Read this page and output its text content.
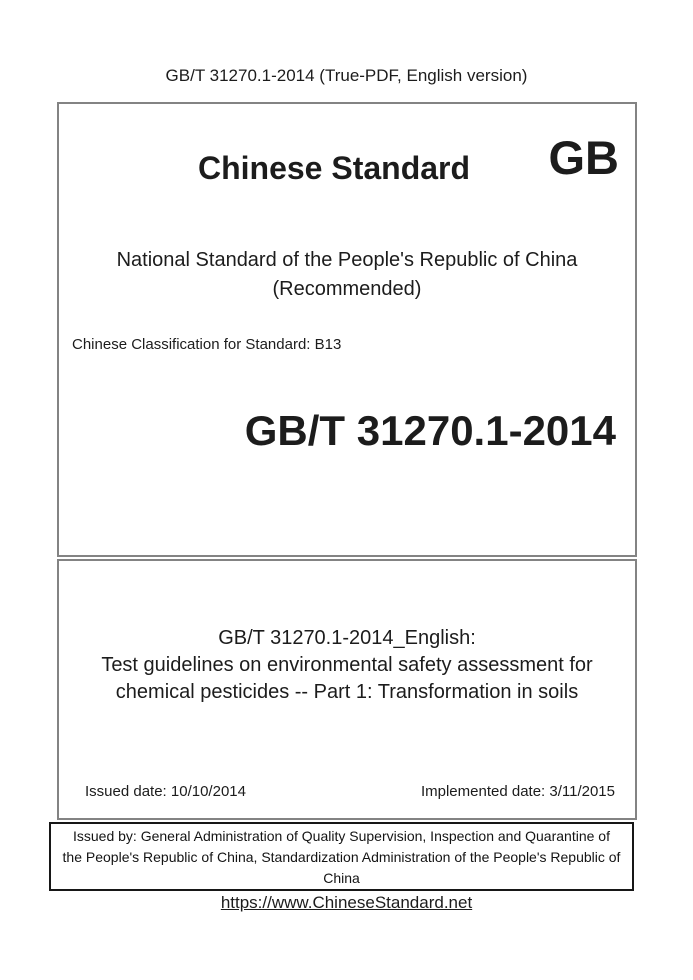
GB/T 31270.1-2014 (True-PDF, English version)
Chinese Standard	GB
National Standard of the People's Republic of China
(Recommended)
Chinese Classification for Standard: B13
GB/T 31270.1-2014
GB/T 31270.1-2014_English:
Test guidelines on environmental safety assessment for
chemical pesticides -- Part 1: Transformation in soils
Issued date: 10/10/2014	Implemented date: 3/11/2015
Issued by: General Administration of Quality Supervision, Inspection and Quarantine of
the People's Republic of China, Standardization Administration of the People's Republic of
China
https://www.ChineseStandard.net
